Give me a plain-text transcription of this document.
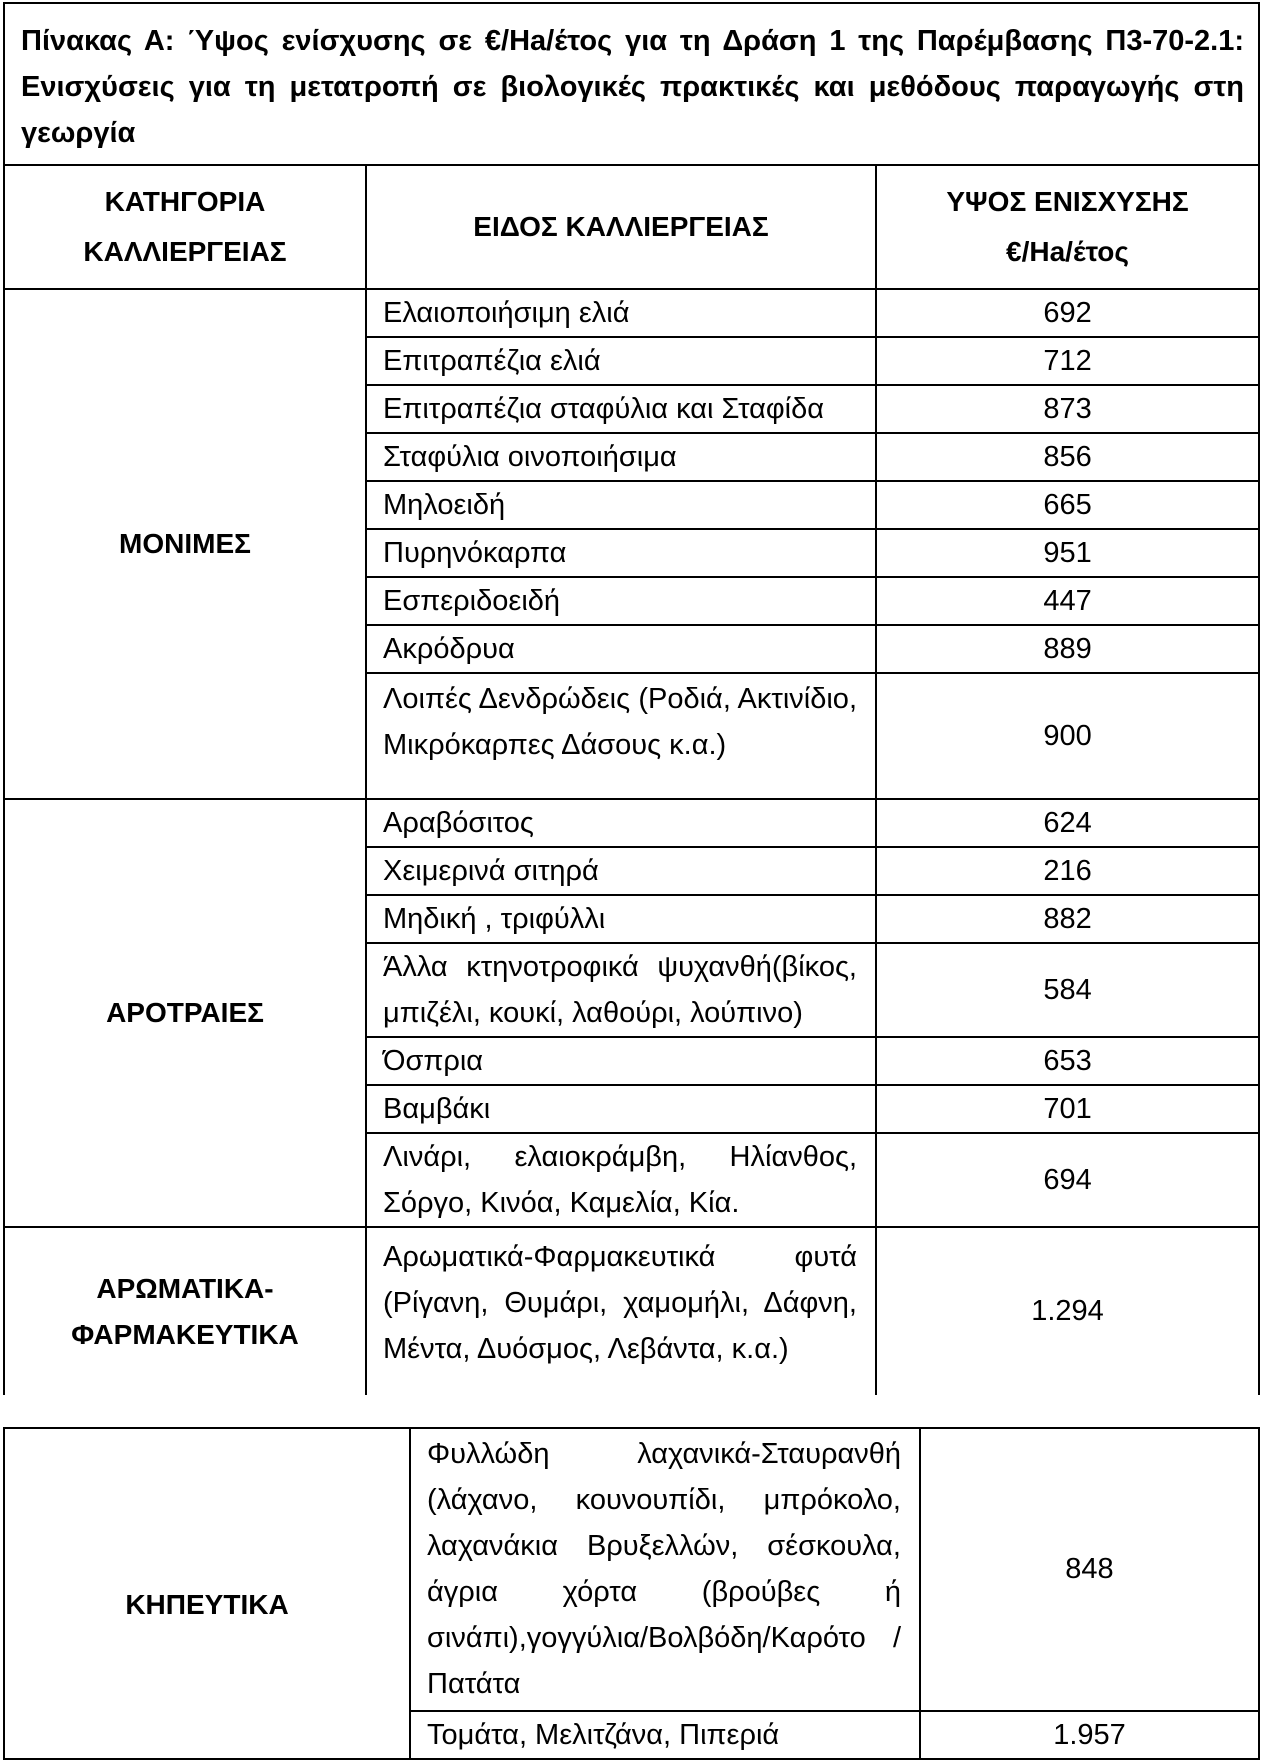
Πίνακας Α: Ύψος ενίσχυσης σε €/Ha/έτος για τη Δράση 1 της Παρέμβασης Π3-70-2.1: Ενισχύσεις για τη μετατροπή σε βιολογικές πρακτικές και μεθόδους παραγωγής στη γεωργία		
ΚΑΤΗΓΟΡΙΑ ΚΑΛΛΙΕΡΓΕΙΑΣ	ΕΙΔΟΣ ΚΑΛΛΙΕΡΓΕΙΑΣ	ΥΨΟΣ ΕΝΙΣΧΥΣΗΣ
€/Ha/έτος

ΜΟΝΙΜΕΣ	Ελαιοποιήσιμη ελιά	692
	Επιτραπέζια ελιά	712
	Επιτραπέζια σταφύλια και Σταφίδα	873
	Σταφύλια οινοποιήσιμα	856
	Μηλοειδή	665
	Πυρηνόκαρπα	951
	Εσπεριδοειδή	447
	Ακρόδρυα	889
	Λοιπές Δενδρώδεις (Ροδιά, Ακτινίδιο, Μικρόκαρπες Δάσους κ.α.)	900
ΑΡΟΤΡΑΙΕΣ	Αραβόσιτος	624
	Χειμερινά σιτηρά	216
	Μηδική , τριφύλλι	882
	Άλλα κτηνοτροφικά ψυχανθή(βίκος, μπιζέλι, κουκί, λαθούρι, λούπινο)	584
	Όσπρια	653
	Βαμβάκι	701
	Λινάρι, ελαιοκράμβη, Ηλίανθος, Σόργο, Κινόα, Καμελία, Κία.	694

ΑΡΩΜΑΤΙΚΑ-
ΦΑΡΜΑΚΕΥΤΙΚΑ	Αρωματικά-Φαρμακευτικά φυτά (Ρίγανη, Θυμάρι, χαμομήλι, Δάφνη, Μέντα, Δυόσμος, Λεβάντα, κ.α.)	1.294
ΚΗΠΕΥΤΙΚΑ	Φυλλώδη λαχανικά-Σταυρανθή (λάχανο, κουνουπίδι, μπρόκολο, λαχανάκια Βρυξελλών, σέσκουλα, άγρια χόρτα (βρούβες ή σινάπι),γογγύλια/Βολβόδη/Καρότο /Πατάτα	848
	Τομάτα, Μελιτζάνα, Πιπεριά	1.957
